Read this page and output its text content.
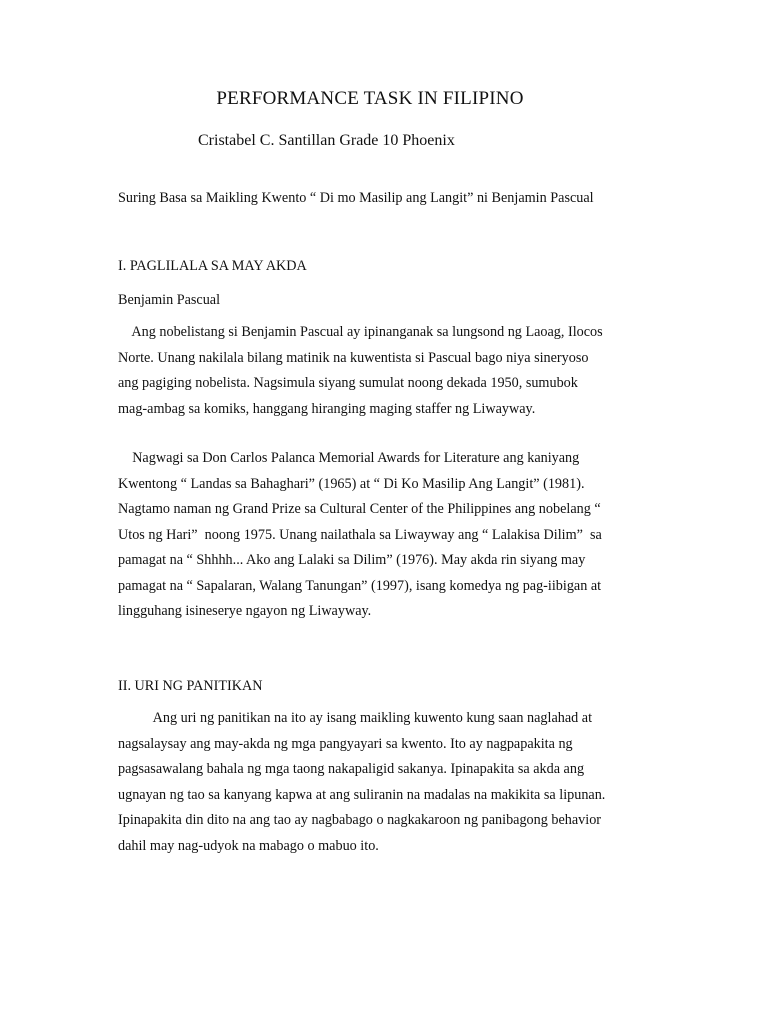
PERFORMANCE TASK IN FILIPINO
Cristabel C. Santillan Grade 10 Phoenix
Suring Basa sa Maikling Kwento “ Di mo Masilip ang Langit” ni Benjamin Pascual
I. PAGLILALA SA MAY AKDA
Benjamin Pascual
Ang nobelistang si Benjamin Pascual ay ipinanganak sa lungsond ng Laoag, Ilocos
Norte. Unang nakilala bilang matinik na kuwentista si Pascual bago niya sineryoso
ang pagiging nobelista. Nagsimula siyang sumulat noong dekada 1950, sumubok
mag-ambag sa komiks, hanggang hiranging maging staffer ng Liwayway.
Nagwagi sa Don Carlos Palanca Memorial Awards for Literature ang kaniyang
Kwentong “ Landas sa Bahaghari” (1965) at “ Di Ko Masilip Ang Langit” (1981).
Nagtamo naman ng Grand Prize sa Cultural Center of the Philippines ang nobelang “
Utos ng Hari”  noong 1975. Unang nailathala sa Liwayway ang “ Lalakisa Dilim”  sa
pamagat na “ Shhhh... Ako ang Lalaki sa Dilim” (1976). May akda rin siyang may
pamagat na “ Sapalaran, Walang Tanungan” (1997), isang komedya ng pag-iibigan at
lingguhang isineserye ngayon ng Liwayway.
II. URI NG PANITIKAN
Ang uri ng panitikan na ito ay isang maikling kuwento kung saan naglahad at
nagsalaysay ang may-akda ng mga pangyayari sa kwento. Ito ay nagpapakita ng
pagsasawalang bahala ng mga taong nakapaligid sakanya. Ipinapakita sa akda ang
ugnayan ng tao sa kanyang kapwa at ang suliranin na madalas na makikita sa lipunan.
Ipinapakita din dito na ang tao ay nagbabago o nagkakaroon ng panibagong behavior
dahil may nag-udyok na mabago o mabuo ito.
